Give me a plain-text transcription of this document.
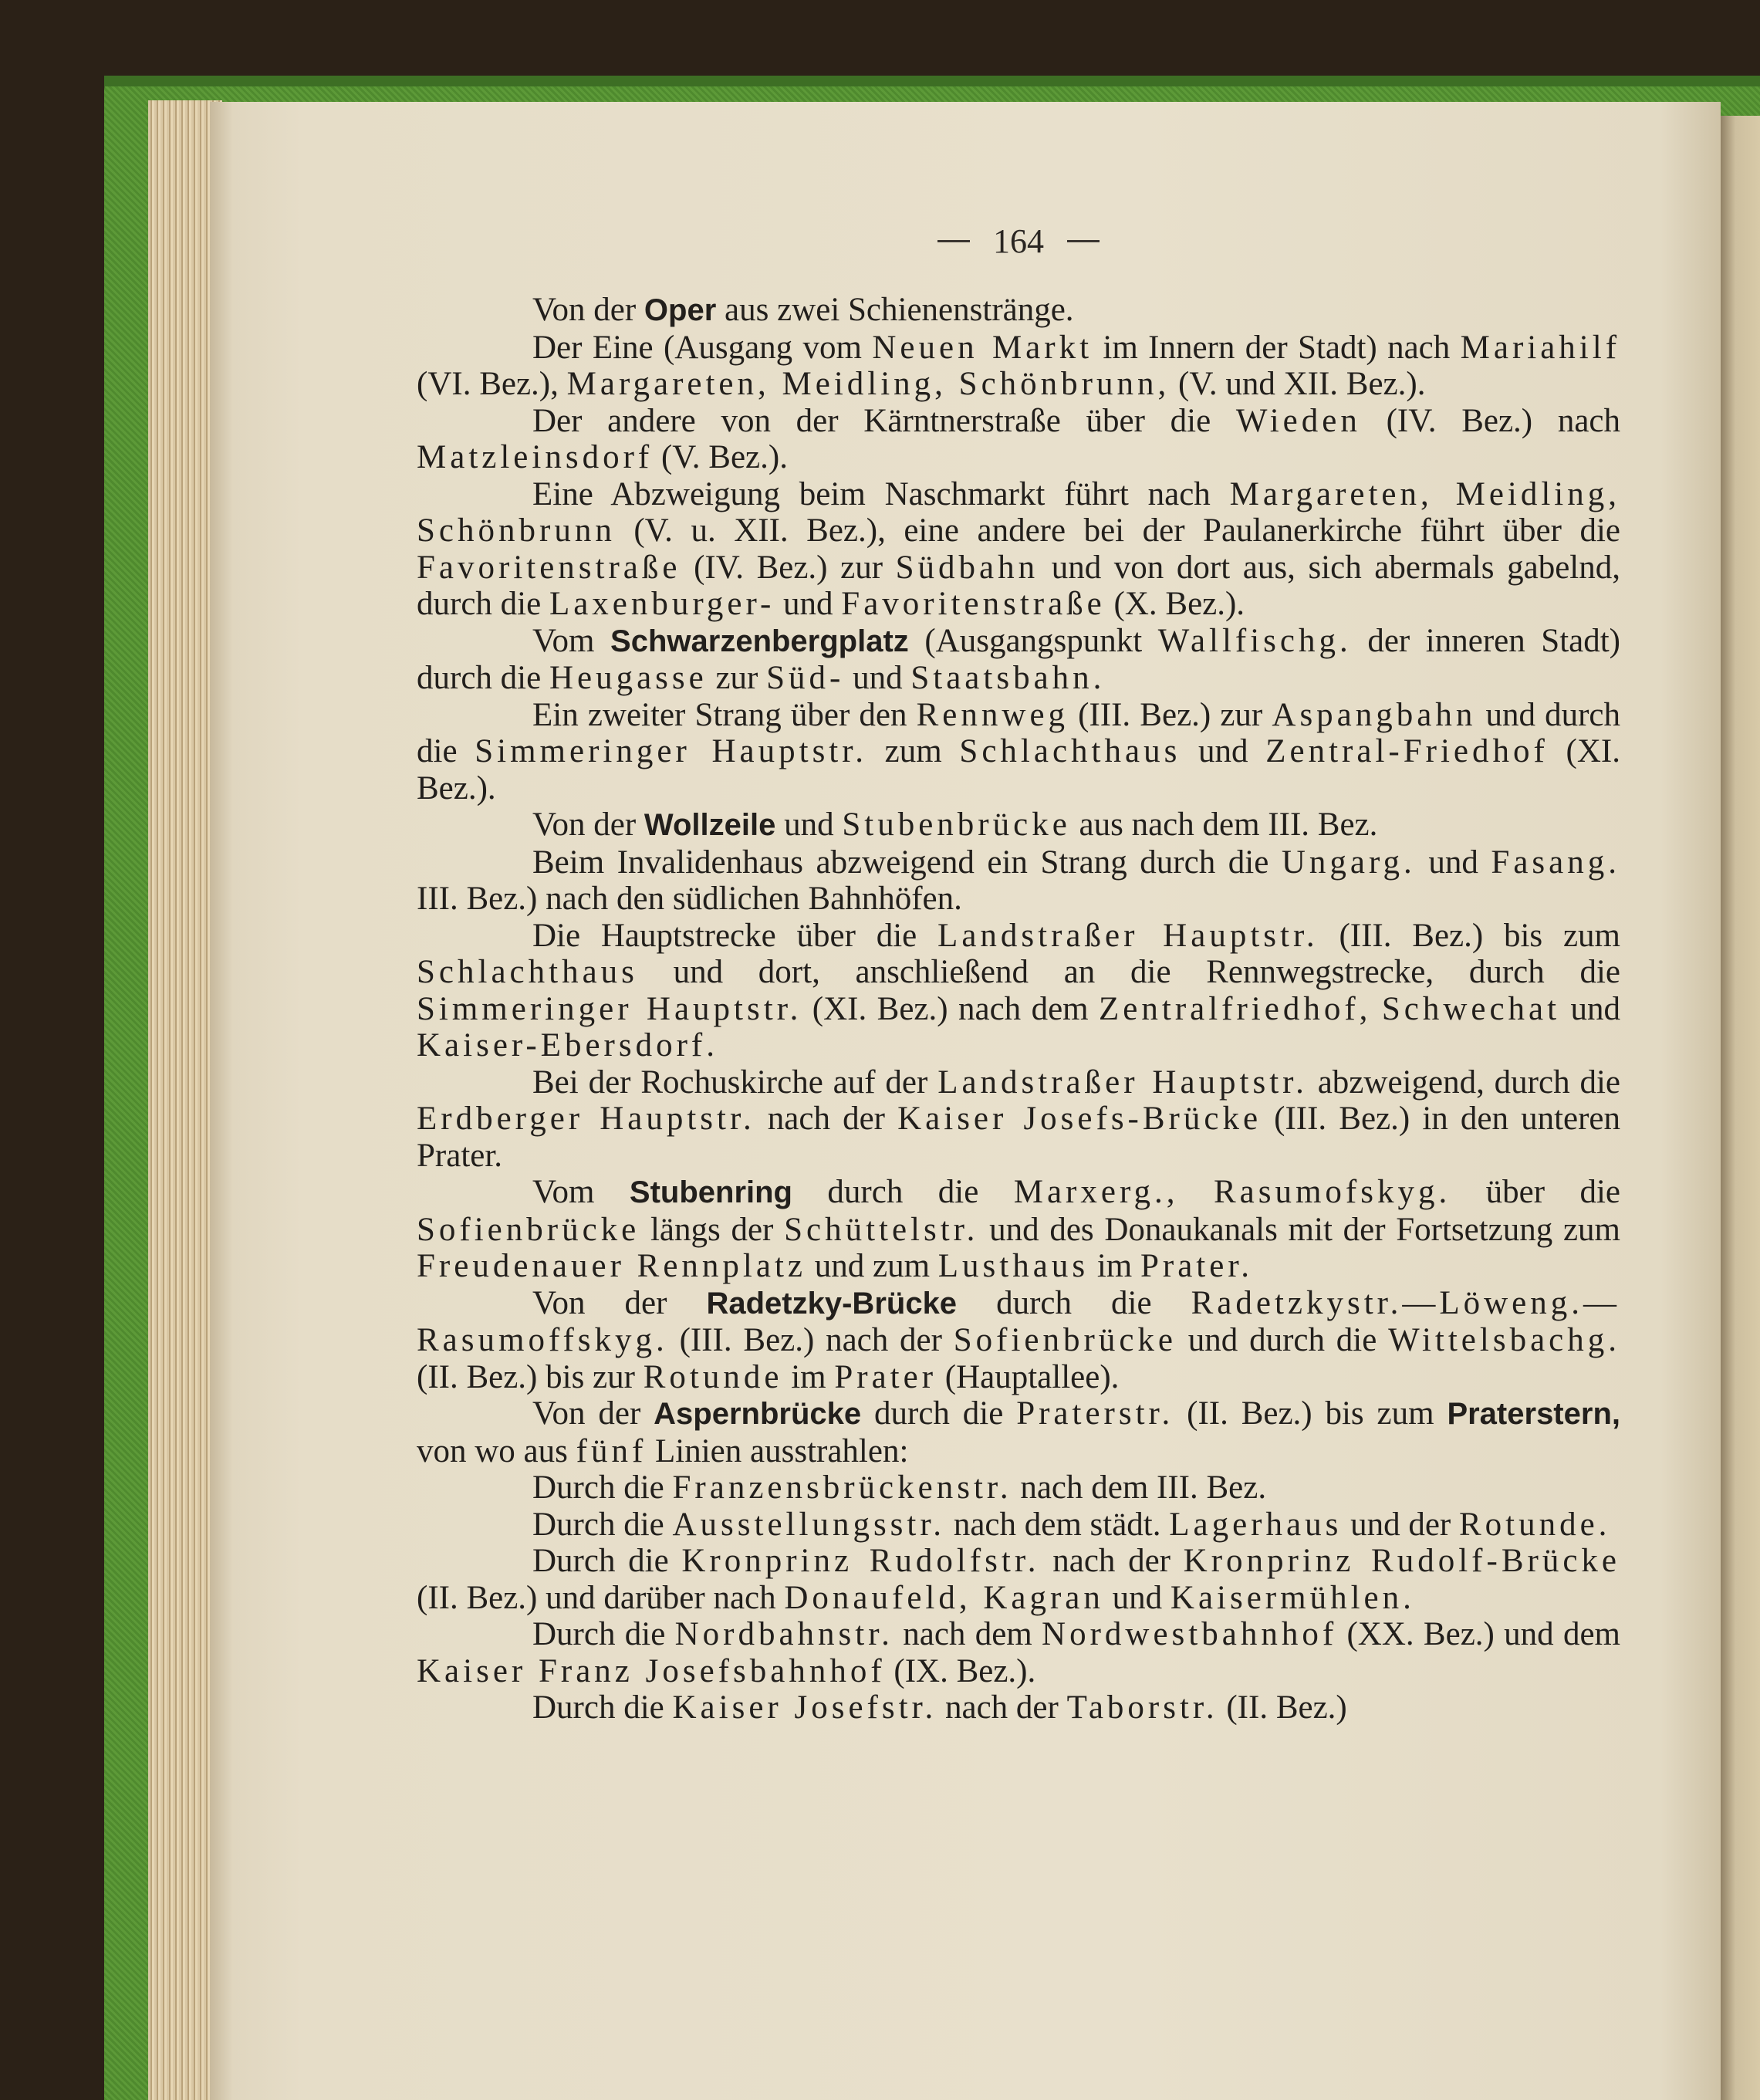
164

Von der Oper aus zwei Schienenstränge.

Der Eine (Ausgang vom Neuen Markt im Innern der Stadt) nach Mariahilf (VI. Bez.), Margareten, Meidling, Schönbrunn, (V. und XII. Bez.).

Der andere von der Kärntnerstraße über die Wieden (IV. Bez.) nach Matzleinsdorf (V. Bez.).

Eine Abzweigung beim Naschmarkt führt nach Margareten, Meidling, Schönbrunn (V. u. XII. Bez.), eine andere bei der Paulanerkirche führt über die Favoritenstraße (IV. Bez.) zur Südbahn und von dort aus, sich abermals gabelnd, durch die Laxenburger- und Favoritenstraße (X. Bez.).

Vom Schwarzenbergplatz (Ausgangspunkt Wallfischg. der inneren Stadt) durch die Heugasse zur Süd- und Staatsbahn.

Ein zweiter Strang über den Rennweg (III. Bez.) zur Aspangbahn und durch die Simmeringer Hauptstr. zum Schlachthaus und Zentral-Friedhof (XI. Bez.).

Von der Wollzeile und Stubenbrücke aus nach dem III. Bez.

Beim Invalidenhaus abzweigend ein Strang durch die Ungarg. und Fasang. III. Bez.) nach den südlichen Bahnhöfen.

Die Hauptstrecke über die Landstraßer Hauptstr. (III. Bez.) bis zum Schlachthaus und dort, anschließend an die Rennwegstrecke, durch die Simmeringer Hauptstr. (XI. Bez.) nach dem Zentralfriedhof, Schwechat und Kaiser-Ebersdorf.

Bei der Rochuskirche auf der Landstraßer Hauptstr. abzweigend, durch die Erdberger Hauptstr. nach der Kaiser Josefs-Brücke (III. Bez.) in den unteren Prater.

Vom Stubenring durch die Marxerg., Rasumofskyg. über die Sofienbrücke längs der Schüttelstr. und des Donaukanals mit der Fortsetzung zum Freudenauer Rennplatz und zum Lusthaus im Prater.

Von der Radetzky-Brücke durch die Radetzkystr.—Löweng.—Rasumoffskyg. (III. Bez.) nach der Sofienbrücke und durch die Wittelsbachg. (II. Bez.) bis zur Rotunde im Prater (Hauptallee).

Von der Aspernbrücke durch die Praterstr. (II. Bez.) bis zum Praterstern, von wo aus fünf Linien ausstrahlen:

Durch die Franzensbrückenstr. nach dem III. Bez.

Durch die Ausstellungsstr. nach dem städt. Lagerhaus und der Rotunde.

Durch die Kronprinz Rudolfstr. nach der Kronprinz Rudolf-Brücke (II. Bez.) und darüber nach Donaufeld, Kagran und Kaisermühlen.

Durch die Nordbahnstr. nach dem Nordwestbahnhof (XX. Bez.) und dem Kaiser Franz Josefsbahnhof (IX. Bez.).

Durch die Kaiser Josefstr. nach der Taborstr. (II. Bez.)
